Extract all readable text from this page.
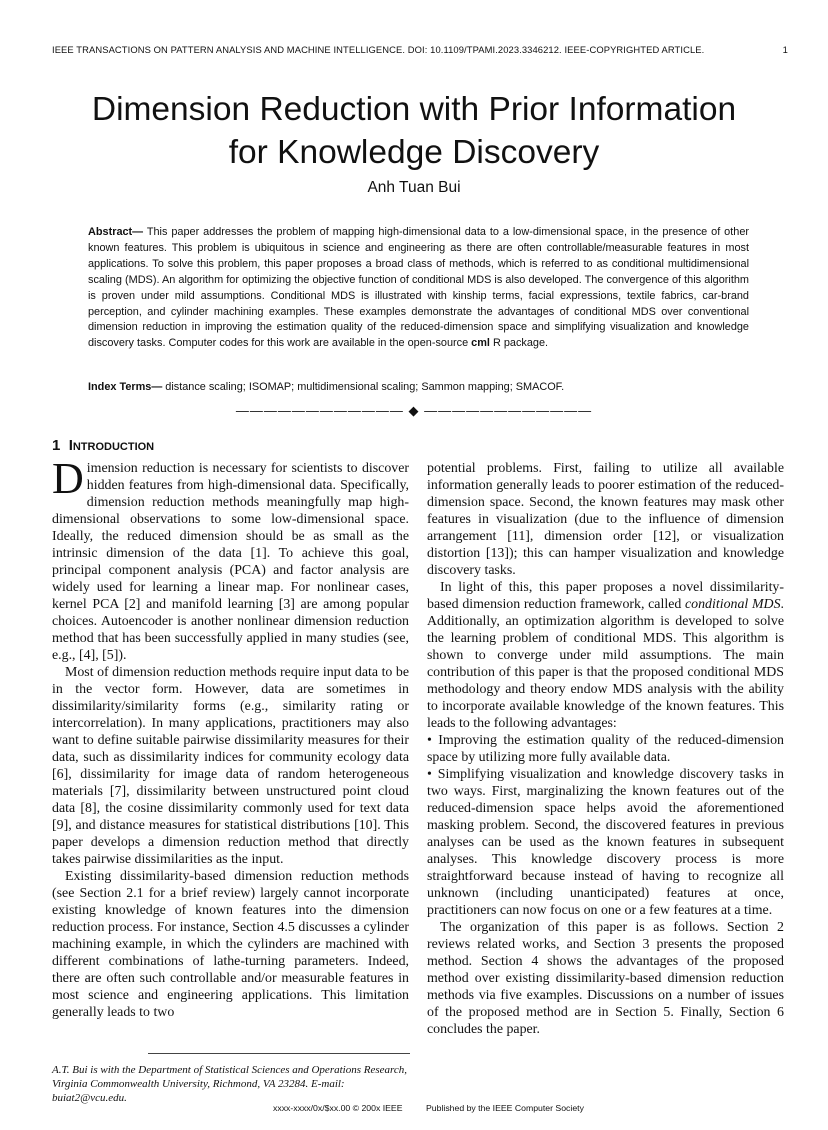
IEEE TRANSACTIONS ON PATTERN ANALYSIS AND MACHINE INTELLIGENCE. DOI: 10.1109/TPAMI.2023.3346212. IEEE-COPYRIGHTED ARTICLE.	1
Dimension Reduction with Prior Information
for Knowledge Discovery
Anh Tuan Bui

Abstract— This paper addresses the problem of mapping high-dimensional data to a low-dimensional space, in the presence of other known features. This problem is ubiquitous in science and engineering as there are often controllable/measurable features in most applications. To solve this problem, this paper proposes a broad class of methods, which is referred to as conditional multidimensional scaling (MDS). An algorithm for optimizing the objective function of conditional MDS is also developed. The convergence of this algorithm is proven under mild assumptions. Conditional MDS is illustrated with kinship terms, facial expressions, textile fabrics, car-brand perception, and cylinder machining examples. These examples demonstrate the advantages of conditional MDS over conventional dimension reduction in improving the estimation quality of the reduced-dimension space and simplifying visualization and knowledge discovery tasks. Computer codes for this work are available in the open-source cml R package.

Index Terms— distance scaling; ISOMAP; multidimensional scaling; Sammon mapping; SMACOF.

———————————— ◆ ————————————
1 Introduction

Dimension reduction is necessary for scientists to discover hidden features from high-dimensional data. Specifically, dimension reduction methods meaningfully map high-dimensional observations to some low-dimensional space. Ideally, the reduced dimension should be as small as the intrinsic dimension of the data [1]. To achieve this goal, principal component analysis (PCA) and factor analysis are widely used for learning a linear map. For nonlinear cases, kernel PCA [2] and manifold learning [3] are among popular choices. Autoencoder is another nonlinear dimension reduction method that has been successfully applied in many studies (see, e.g., [4], [5]).

Most of dimension reduction methods require input data to be in the vector form. However, data are sometimes in dissimilarity/similarity forms (e.g., similarity rating or intercorrelation). In many applications, practitioners may also want to define suitable pairwise dissimilarity measures for their data, such as dissimilarity indices for community ecology data [6], dissimilarity for image data of random heterogeneous materials [7], dissimilarity between unstructured point cloud data [8], the cosine dissimilarity commonly used for text data [9], and distance measures for statistical distributions [10]. This paper develops a dimension reduction method that directly takes pairwise dissimilarities as the input.

Existing dissimilarity-based dimension reduction methods (see Section 2.1 for a brief review) largely cannot incorporate existing knowledge of known features into the dimension reduction process. For instance, Section 4.5 discusses a cylinder machining example, in which the cylinders are machined with different combinations of lathe-turning parameters. Indeed, there are often such controllable and/or measurable features in most science and engineering applications. This limitation generally leads to two

potential problems. First, failing to utilize all available information generally leads to poorer estimation of the reduced-dimension space. Second, the known features may mask other features in visualization (due to the influence of dimension arrangement [11], dimension order [12], or visualization distortion [13]); this can hamper visualization and knowledge discovery tasks.

In light of this, this paper proposes a novel dissimilarity-based dimension reduction framework, called conditional MDS. Additionally, an optimization algorithm is developed to solve the learning problem of conditional MDS. This algorithm is shown to converge under mild assumptions. The main contribution of this paper is that the proposed conditional MDS methodology and theory endow MDS analysis with the ability to incorporate available knowledge of the known features. This leads to the following advantages:

• Improving the estimation quality of the reduced-dimension space by utilizing more fully available data.

• Simplifying visualization and knowledge discovery tasks in two ways. First, marginalizing the known features out of the reduced-dimension space helps avoid the aforementioned masking problem. Second, the discovered features in previous analyses can be used as the known features in subsequent analyses. This knowledge discovery process is more straightforward because instead of having to recognize all unknown (including unanticipated) features at once, practitioners can now focus on one or a few features at a time.

The organization of this paper is as follows. Section 2 reviews related works, and Section 3 presents the proposed method. Section 4 shows the advantages of the proposed method over existing dissimilarity-based dimension reduction methods via five examples. Discussions on a number of issues of the proposed method are in Section 5. Finally, Section 6 concludes the paper.

A.T. Bui is with the Department of Statistical Sciences and Operations Research, Virginia Commonwealth University, Richmond, VA 23284. E-mail: buiat2@vcu.edu.

xxxx-xxxx/0x/$xx.00 © 200x IEEE	Published by the IEEE Computer Society
